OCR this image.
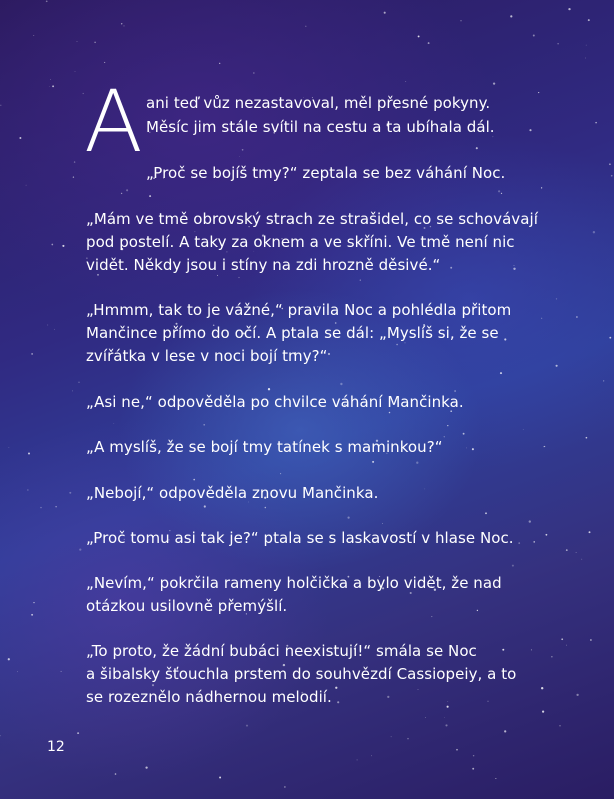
A ani teď vůz nezastavoval, měl přesné pokyny.
Měsíc jim stále svítil na cestu a ta ubíhala dál.
„Proč se bojíš tmy?“ zeptala se bez váhání Noc.
„Mám ve tmě obrovský strach ze strašidel, co se schovávají
pod postelí. A taky za oknem a ve skříni. Ve tmě není nic
vidět. Někdy jsou i stíny na zdi hrozně děsivé.“
„Hmmm, tak to je vážné,“ pravila Noc a pohlédla přitom
Mančince přímo do očí. A ptala se dál: „Myslíš si, že se
zvířátka v lese v noci bojí tmy?“
„Asi ne,“ odpověděla po chvilce váhání Mančinka.
„A myslíš, že se bojí tmy tatínek s maminkou?“
„Nebojí,“ odpověděla znovu Mančinka.
„Proč tomu asi tak je?“ ptala se s laskavostí v hlase Noc.
„Nevím,“ pokrčila rameny holčička a bylo vidět, že nad
otázkou usilovně přemýšlí.
„To proto, že žádní bubáci neexistují!“ smála se Noc
a šibalsky šťouchla prstem do souhvězdí Cassiopeiy, a to
se rozeznělo nádhernou melodií.
12
